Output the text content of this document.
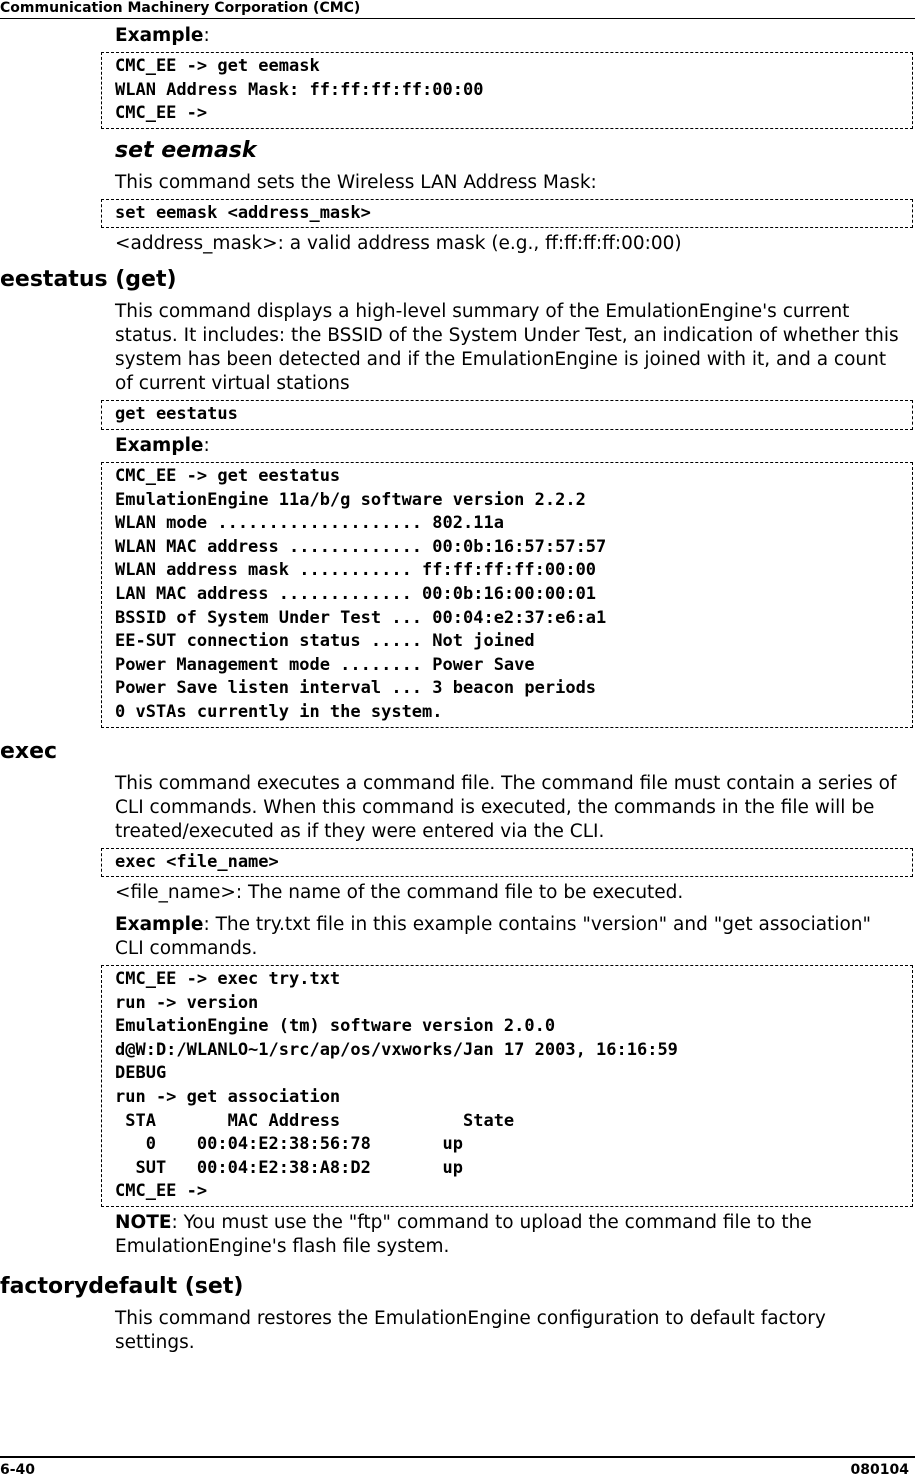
Communication Machinery Corporation (CMC)
Example:
CMC_EE -> get eemask
WLAN Address Mask: ff:ff:ff:ff:00:00
CMC_EE ->
set eemask

This command sets the Wireless LAN Address Mask:

set eemask <address_mask>

<address_mask>: a valid address mask (e.g., ff:ff:ff:ff:00:00)

eestatus (get)

This command displays a high-level summary of the EmulationEngine's current status. It includes: the BSSID of the System Under Test, an indication of whether this system has been detected and if the EmulationEngine is joined with it, and a count of current virtual stations

get eestatus
Example:
CMC_EE -> get eestatus
EmulationEngine 11a/b/g software version 2.2.2
WLAN mode .................... 802.11a
WLAN MAC address ............. 00:0b:16:57:57:57
WLAN address mask ........... ff:ff:ff:ff:00:00
LAN MAC address ............. 00:0b:16:00:00:01
BSSID of System Under Test ... 00:04:e2:37:e6:a1
EE-SUT connection status ..... Not joined
Power Management mode ........ Power Save
Power Save listen interval ... 3 beacon periods
0 vSTAs currently in the system.
exec

This command executes a command file. The command file must contain a series of CLI commands. When this command is executed, the commands in the file will be treated/executed as if they were entered via the CLI.

exec <file_name>

<file_name>: The name of the command file to be executed.

Example: The try.txt file in this example contains "version" and "get association" CLI commands.

CMC_EE -> exec try.txt
run -> version
EmulationEngine (tm) software version 2.0.0
d@W:D:/WLANLO~1/src/ap/os/vxworks/Jan 17 2003, 16:16:59
DEBUG
run -> get association
STA       MAC Address            State
0    00:04:E2:38:56:78       up
SUT   00:04:E2:38:A8:D2       up
CMC_EE ->

NOTE: You must use the "ftp" command to upload the command file to the EmulationEngine's flash file system.

factorydefault (set)

This command restores the EmulationEngine configuration to default factory settings.

6-40	080104
